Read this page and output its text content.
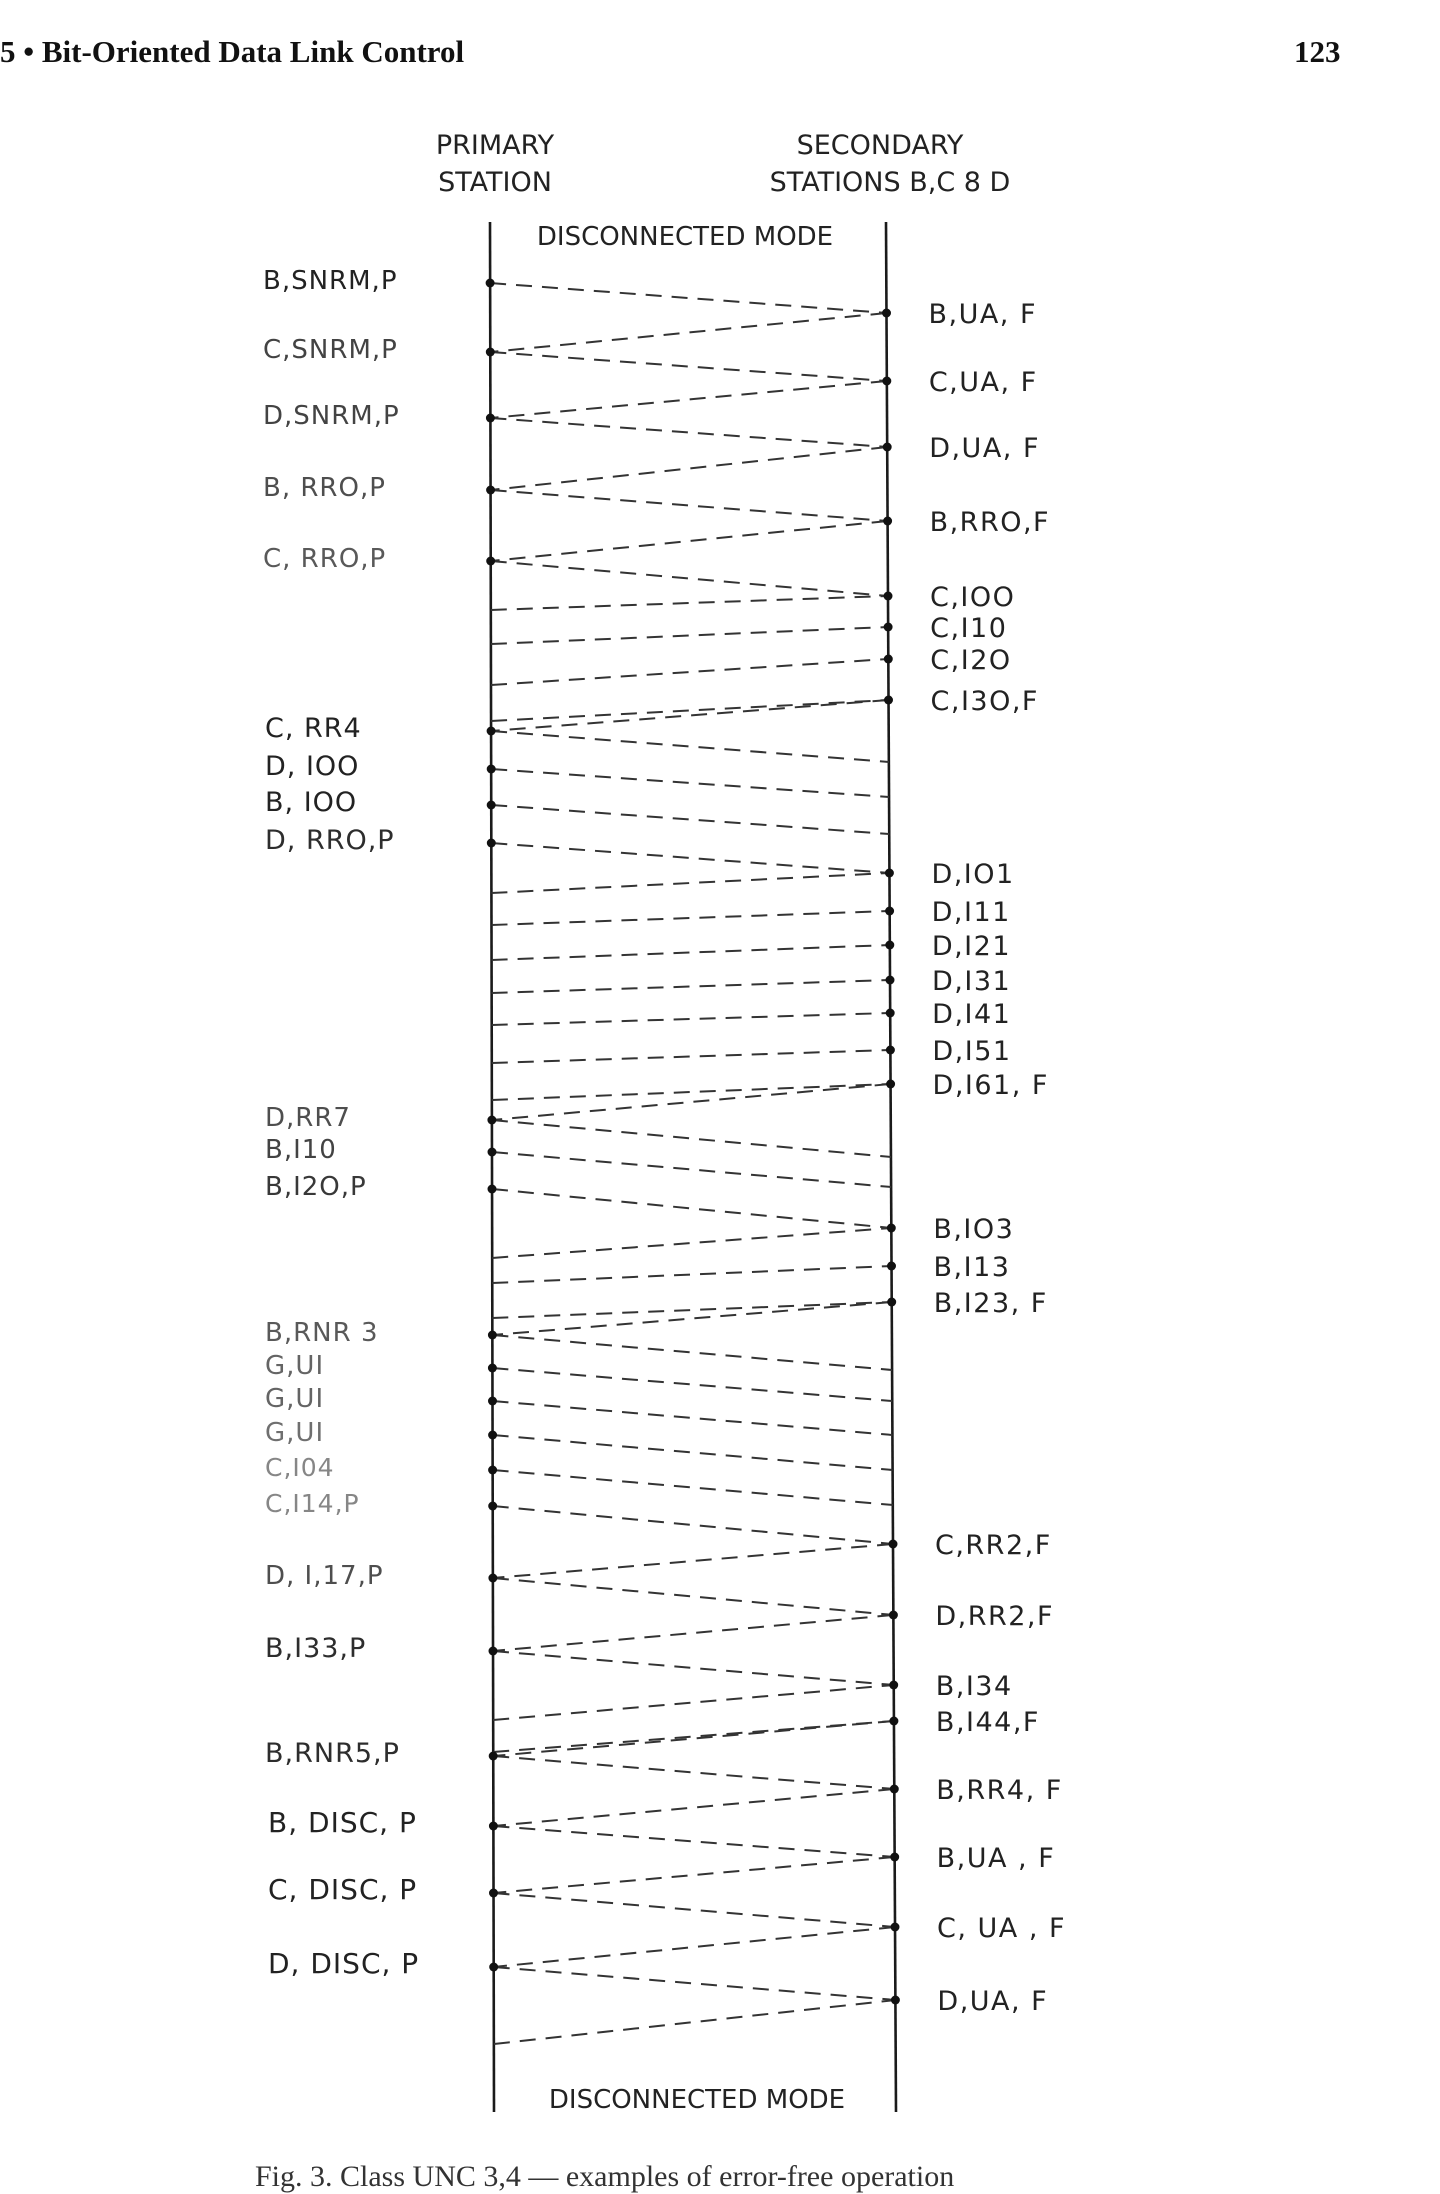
5 • Bit-Oriented Data Link Control	123
PRIMARY
STATION
SECONDARY
STATIONS B,C 8 D
DISCONNECTED MODE
DISCONNECTED MODE
B,SNRM,P
C,SNRM,P
D,SNRM,P
B, RRO,P
C, RRO,P
C, RR4
D, IOO
B, IOO
D, RRO,P
D,RR7
B,I10
B,I2O,P
B,RNR 3
G,UI
G,UI
G,UI
C,I04
C,I14,P
D, I,17,P
B,I33,P
B,RNR5,P
B, DISC, P
C, DISC, P
D, DISC, P
B,UA, F
C,UA, F
D,UA, F
B,RRO,F
C,IOO
C,I10
C,I2O
C,I3O,F
D,IO1
D,I11
D,I21
D,I31
D,I41
D,I51
D,I61, F
B,IO3
B,I13
B,I23, F
C,RR2,F
D,RR2,F
B,I34
B,I44,F
B,RR4, F
B,UA , F
C, UA , F
D,UA, F
Fig. 3. Class UNC 3,4 — examples of error-free operation
